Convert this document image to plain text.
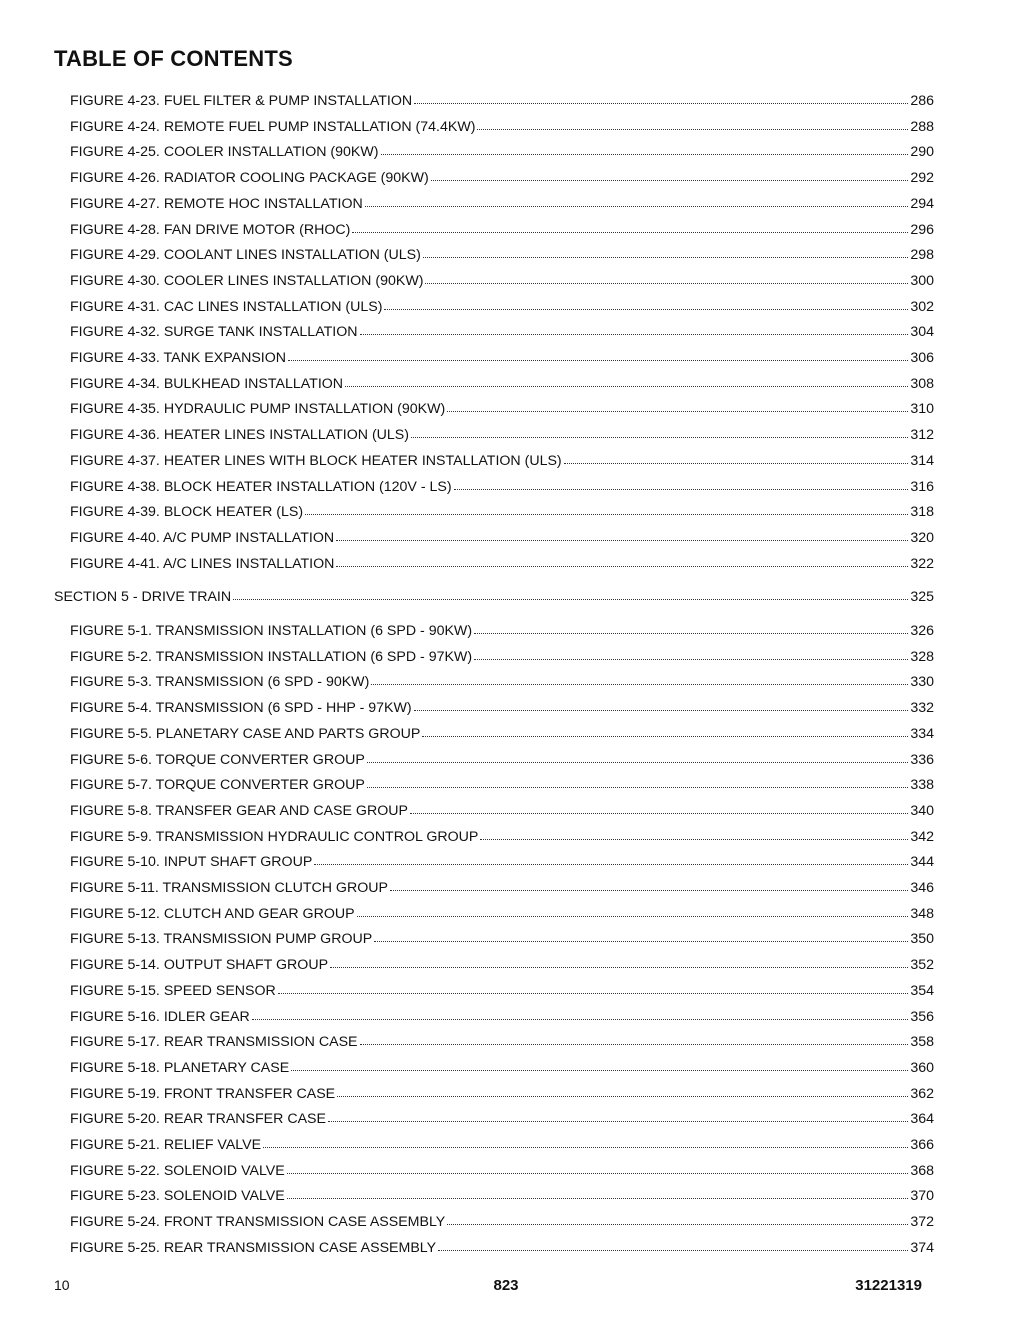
TABLE OF CONTENTS
FIGURE 4-23. FUEL FILTER & PUMP INSTALLATION	286
FIGURE 4-24. REMOTE FUEL PUMP INSTALLATION (74.4KW)	288
FIGURE 4-25. COOLER INSTALLATION (90KW)	290
FIGURE 4-26. RADIATOR COOLING PACKAGE (90KW)	292
FIGURE 4-27. REMOTE HOC INSTALLATION	294
FIGURE 4-28. FAN DRIVE MOTOR (RHOC)	296
FIGURE 4-29. COOLANT LINES INSTALLATION (ULS)	298
FIGURE 4-30. COOLER LINES INSTALLATION (90KW)	300
FIGURE 4-31. CAC LINES INSTALLATION (ULS)	302
FIGURE 4-32. SURGE TANK INSTALLATION	304
FIGURE 4-33. TANK EXPANSION	306
FIGURE 4-34. BULKHEAD INSTALLATION	308
FIGURE 4-35. HYDRAULIC PUMP INSTALLATION (90KW)	310
FIGURE 4-36. HEATER LINES INSTALLATION (ULS)	312
FIGURE 4-37. HEATER LINES WITH BLOCK HEATER INSTALLATION (ULS)	314
FIGURE 4-38. BLOCK HEATER INSTALLATION (120V - LS)	316
FIGURE 4-39. BLOCK HEATER (LS)	318
FIGURE 4-40. A/C PUMP INSTALLATION	320
FIGURE 4-41. A/C LINES INSTALLATION	322
SECTION 5 - DRIVE TRAIN	325
FIGURE 5-1. TRANSMISSION INSTALLATION (6 SPD - 90KW)	326
FIGURE 5-2. TRANSMISSION INSTALLATION (6 SPD - 97KW)	328
FIGURE 5-3. TRANSMISSION (6 SPD - 90KW)	330
FIGURE 5-4. TRANSMISSION (6 SPD - HHP - 97KW)	332
FIGURE 5-5. PLANETARY CASE AND PARTS GROUP	334
FIGURE 5-6. TORQUE CONVERTER GROUP	336
FIGURE 5-7. TORQUE CONVERTER GROUP	338
FIGURE 5-8. TRANSFER GEAR AND CASE GROUP	340
FIGURE 5-9. TRANSMISSION HYDRAULIC CONTROL GROUP	342
FIGURE 5-10. INPUT SHAFT GROUP	344
FIGURE 5-11. TRANSMISSION CLUTCH GROUP	346
FIGURE 5-12. CLUTCH AND GEAR GROUP	348
FIGURE 5-13. TRANSMISSION PUMP GROUP	350
FIGURE 5-14. OUTPUT SHAFT GROUP	352
FIGURE 5-15. SPEED SENSOR	354
FIGURE 5-16. IDLER GEAR	356
FIGURE 5-17. REAR TRANSMISSION CASE	358
FIGURE 5-18. PLANETARY CASE	360
FIGURE 5-19. FRONT TRANSFER CASE	362
FIGURE 5-20. REAR TRANSFER CASE	364
FIGURE 5-21. RELIEF VALVE	366
FIGURE 5-22. SOLENOID VALVE	368
FIGURE 5-23. SOLENOID VALVE	370
FIGURE 5-24. FRONT TRANSMISSION CASE ASSEMBLY	372
FIGURE 5-25. REAR TRANSMISSION CASE ASSEMBLY	374
10	823	31221319
